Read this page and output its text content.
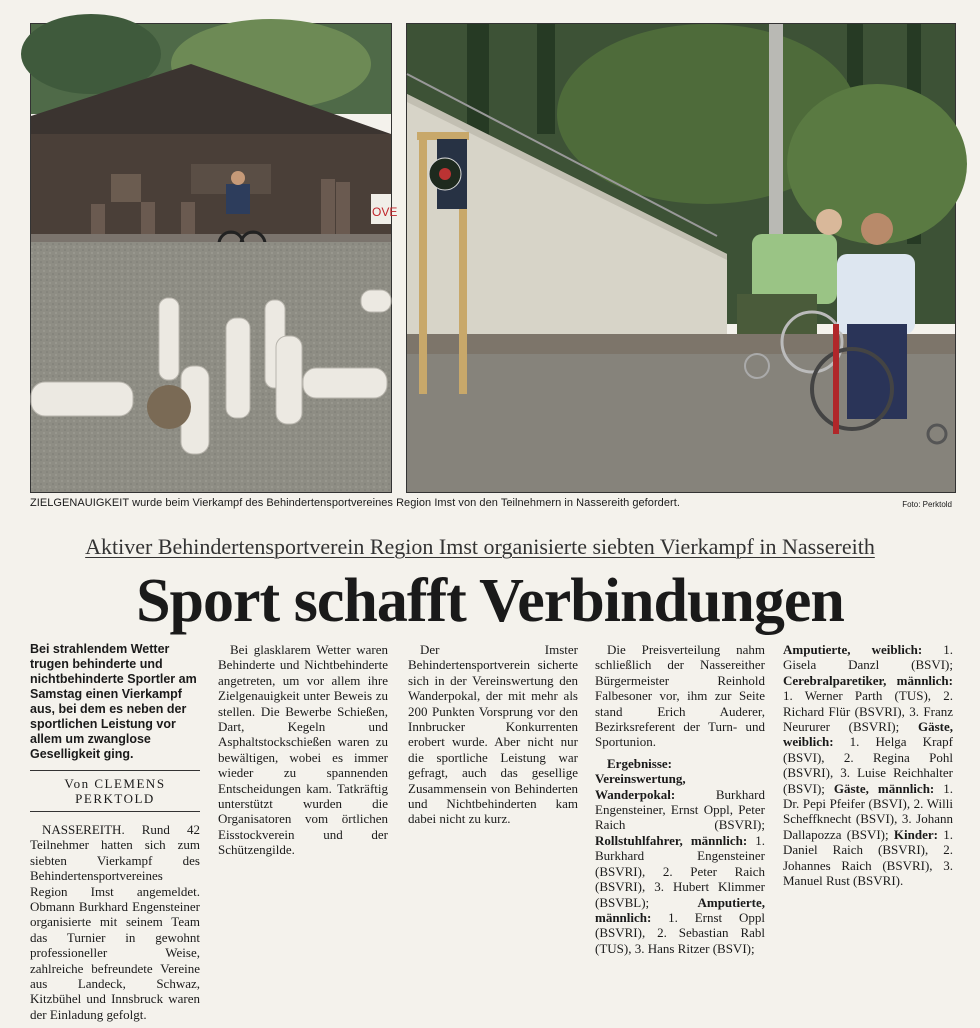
OVE
ZIELGENAUIGKEIT wurde beim Vierkampf des Behindertensportvereines Region Imst von den Teilnehmern in Nassereith gefordert.	Foto: Perktold
Aktiver Behindertensportverein Region Imst organisierte siebten Vierkampf in Nassereith
Sport schafft Verbindungen

Bei strahlendem Wetter trugen behinderte und nichtbehinderte Sportler am Samstag einen Vierkampf aus, bei dem es neben der sportlichen Leistung vor allem um zwanglose Geselligkeit ging.

Von CLEMENS PERKTOLD

NASSEREITH. Rund 42 Teilnehmer hatten sich zum siebten Vierkampf des Behindertensportvereines Region Imst angemeldet. Obmann Burkhard Engensteiner organisierte mit seinem Team das Turnier in gewohnt professioneller Weise, zahlreiche befreundete Vereine aus Landeck, Schwaz, Kitzbühel und Innsbruck waren der Einladung gefolgt.

Bei glasklarem Wetter waren Behinderte und Nichtbehinderte angetreten, um vor allem ihre Zielgenauigkeit unter Beweis zu stellen. Die Bewerbe Schießen, Dart, Kegeln und Asphaltstockschießen waren zu bewältigen, wobei es immer wieder zu spannenden Entscheidungen kam. Tatkräftig unterstützt wurden die Organisatoren vom örtlichen Eisstockverein und der Schützengilde.

Der Imster Behindertensportverein sicherte sich in der Vereinswertung den Wanderpokal, der mit mehr als 200 Punkten Vorsprung vor den Innbrucker Konkurrenten erobert wurde. Aber nicht nur die sportliche Leistung war gefragt, auch das gesellige Zusammensein von Behinderten und Nichtbehinderten kam dabei nicht zu kurz.

Die Preisverteilung nahm schließlich der Nassereither Bürgermeister Reinhold Falbesoner vor, ihm zur Seite stand Erich Auderer, Bezirksreferent der Turn- und Sportunion.

Ergebnisse: Vereinswertung, Wanderpokal: Burkhard Engensteiner, Ernst Oppl, Peter Raich (BSVRI); Rollstuhlfahrer, männlich: 1. Burkhard Engensteiner (BSVRI), 2. Peter Raich (BSVRI), 3. Hubert Klimmer (BSVBL); Amputierte, männlich: 1. Ernst Oppl (BSVRI), 2. Sebastian Rabl (TUS), 3. Hans Ritzer (BSVI);

Amputierte, weiblich: 1. Gisela Danzl (BSVI); Cerebralparetiker, männlich: 1. Werner Parth (TUS), 2. Richard Flür (BSVRI), 3. Franz Neururer (BSVRI); Gäste, weiblich: 1. Helga Krapf (BSVI), 2. Regina Pohl (BSVRI), 3. Luise Reichhalter (BSVI); Gäste, männlich: 1. Dr. Pepi Pfeifer (BSVI), 2. Willi Scheffknecht (BSVI), 3. Johann Dallapozza (BSVI); Kinder: 1. Daniel Raich (BSVRI), 2. Johannes Raich (BSVRI), 3. Manuel Rust (BSVRI).
